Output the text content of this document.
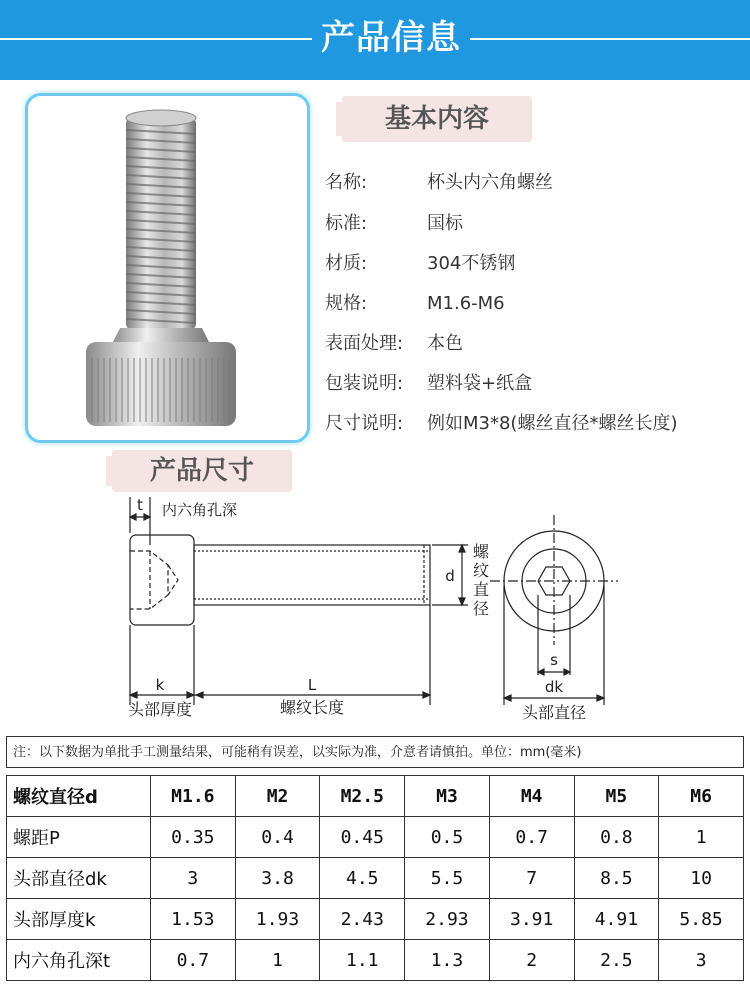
产品信息
基本内容
名称:	杯头内六角螺丝
标准:	国标
材质:	304不锈钢
规格:	M1.6-M6
表面处理: 本色
包装说明: 塑料袋+纸盒
尺寸说明: 例如M3*8(螺丝直径*螺丝长度)
产品尺寸
t 内六角孔深
d
螺
纹
直
径
k	L
头部厚度	螺纹长度
s
dk
头部直径
注：以下数据为单批手工测量结果，可能稍有误差，以实际为准，介意者请慎拍。单位：mm(毫米)
螺纹直径d	M1.6	M2	M2.5	M3	M4	M5	M6
螺距P	0.35	0.4	0.45	0.5	0.7	0.8	1
头部直径dk	3	3.8	4.5	5.5	7	8.5	10
头部厚度k	1.53	1.93	2.43	2.93	3.91	4.91	5.85
内六角孔深t	0.7	1	1.1	1.3	2	2.5	3
